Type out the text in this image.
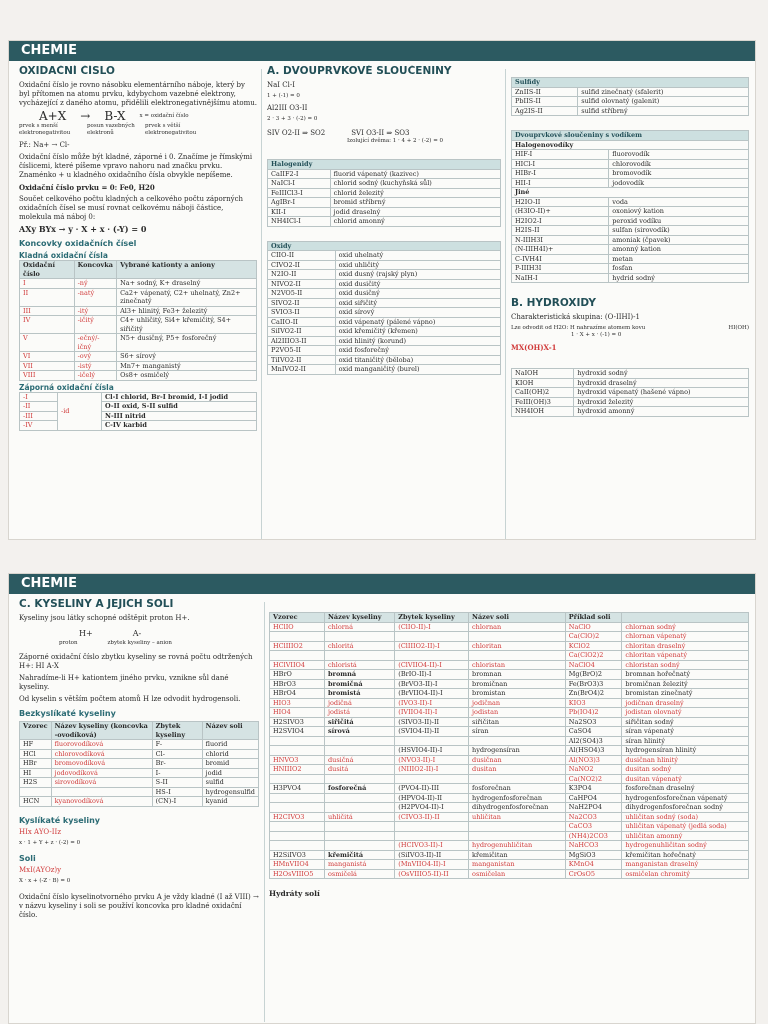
CHEMIE
OXIDAČNÍ ČÍSLO

Oxidační číslo je rovno násobku elementárního náboje, který by byl přítomen na atomu prvku, kdybychom vazebné elektrony, vycházející z daného atomu, přidělili elektronegativnějšímu atomu.

A+X → B-X	x = oxidační číslo
prvek s menší elektronegativitou
posun vazebných elektronů
prvek s větší elektronegativitou

Př.: Na+ → Cl-

Oxidační číslo může být kladné, záporné i 0. Značíme je římskými číslicemi, které píšeme vpravo nahoru nad značku prvku. Znaménko + u kladného oxidačního čísla obvykle nepíšeme.

Oxidační číslo prvku = 0: Fe0, H20

Součet celkového počtu kladných a celkového počtu záporných oxidačních čísel se musí rovnat celkovému náboji částice, molekula má náboj 0:

AXy BYx → y · X + x · (-Y) = 0
Koncovky oxidačních čísel
Kladná oxidační čísla
Oxidační číslo	Koncovka	Vybrané kationty a aniony
I	-ný	Na+ sodný, K+ draselný
II	-natý	Ca2+ vápenatý, C2+ uhelnatý, Zn2+ zinečnatý
III	-itý	Al3+ hlinitý, Fe3+ železitý
IV	-ičitý	C4+ uhličitý, Si4+ křemičitý, S4+ siřičitý
V	-ečný/-ičný	N5+ dusičný, P5+ fosforečný
VI	-ový	S6+ sírový
VII	-istý	Mn7+ manganistý
VIII	-ičelý	Os8+ osmičelý
Záporná oxidační čísla
-I	-id	Cl-I chlorid, Br-I bromid, I-I jodid
-II		O-II oxid, S-II sulfid
-III		N-III nitrid
-IV		C-IV karbid
A. DVOUPRVKOVÉ SLOUČENINY

NaI Cl-I

1 + (-1) = 0

Al2III O3-II

2 · 3 + 3 · (-2) = 0

SIV O2-II ⇒ SO2	SVI O3-II ⇒ SO3

Izolující dvěma: 1 · 4 + 2 · (-2) = 0

Halogenidy	
CaIIF2-I	fluorid vápenatý (kazivec)
NaICl-I	chlorid sodný (kuchyňská sůl)
FeIIICl3-I	chlorid železitý
AgIBr-I	bromid stříbrný
KII-I	jodid draselný
NH4ICl-I	chlorid amonný
Oxidy	
CIIO-II	oxid uhelnatý
CIVO2-II	oxid uhličitý
N2IO-II	oxid dusný (rajský plyn)
NIVO2-II	oxid dusičitý
N2VO5-II	oxid dusičný
SIVO2-II	oxid siřičitý
SVIO3-II	oxid sírový
CaIIO-II	oxid vápenatý (pálené vápno)
SiIVO2-II	oxid křemičitý (křemen)
Al2IIIO3-II	oxid hlinitý (korund)
P2VO5-II	oxid fosforečný
TiIVO2-II	oxid titaničitý (běloba)
MnIVO2-II	oxid manganičitý (burel)
Sulfidy	
ZnIIS-II	sulfid zinečnatý (sfalerit)
PbIIS-II	sulfid olovnatý (galenit)
Ag2IS-II	sulfid stříbrný
Dvouprvkové sloučeniny s vodíkem	
Halogenovodíky	
HIF-I	fluorovodík
HICl-I	chlorovodík
HIBr-I	bromovodík
HII-I	jodovodík
Jiné	
H2IO-II	voda
(H3IO-II)+	oxoniový kation
H2IO2-I	peroxid vodíku
H2IS-II	sulfan (sirovodík)
N-IIIH3I	amoniak (čpavek)
(N-IIIH4I)+	amonný kation
C-IVH4I	metan
P-IIIH3I	fosfan
NaIH-I	hydrid sodný
B. HYDROXIDY

Charakteristická skupina: (O-IIHI)-1

Lze odvodit od H2O: H nahrazíme atomem kovu	HI(OH)

1 · X + x · (-1) = 0

MX(OH)X-1

NaIOH	hydroxid sodný
KIOH	hydroxid draselný
CaII(OH)2	hydroxid vápenatý (hašené vápno)
FeIII(OH)3	hydroxid železitý
NH4IOH	hydroxid amonný
CHEMIE
C. KYSELINY A JEJICH SOLI

Kyseliny jsou látky schopné odštěpit proton H+.

H+	A-
proton	zbytek kyseliny – anion

Záporné oxidační číslo zbytku kyseliny se rovná počtu odtržených H+: HI A-X

Nahradíme-li H+ kationtem jiného prvku, vznikne sůl dané kyseliny.

Od kyselin s větším počtem atomů H lze odvodit hydrogensoli.

Bezkyslíkaté kyseliny
Vzorec	Název kyseliny (koncovka -ovodíková)	Zbytek kyseliny	Název soli
HF	fluorovodíková	F-	fluorid
HCl	chlorovodíková	Cl-	chlorid
HBr	bromovodíková	Br-	bromid
HI	jodovodíková	I-	jodid
H2S	sirovodíková	S-II	sulfid
		HS-I	hydrogensulfid
HCN	kyanovodíková	(CN)-I	kyanid
Kyslíkaté kyseliny

HIx AYO-IIz

x · 1 + Y + z · (-2) = 0

Soli

MxI(AYOz)y

X · x + (-Z · B) = 0

Oxidační číslo kyselinotvorného prvku A je vždy kladné (I až VIII) → v názvu kyseliny i soli se používí koncovka pro kladné oxidační číslo.

Vzorec	Název kyseliny	Zbytek kyseliny	Název soli	Příklad soli	
HClIO	chlorná	(ClIO-II)-I	chlornan	NaClO	chlornan sodný
				Ca(ClO)2	chlornan vápenatý
HClIIIO2	chloritá	(ClIIIO2-II)-I	chloritan	KClO2	chloritan draselný
				Ca(ClO2)2	chloritan vápenatý
HClVIIO4	chloristá	(ClVIIO4-II)-I	chloristan	NaClO4	chloristan sodný
HBrO	bromná	(BrIO-II)-I	bromnan	Mg(BrO)2	bromnan hořečnatý
HBrO3	bromičná	(BrVO3-II)-I	bromičnan	Fe(BrO3)3	bromičnan železitý
HBrO4	bromistá	(BrVIIO4-II)-I	bromistan	Zn(BrO4)2	bromistan zinečnatý
HIO3	jodičná	(IVO3-II)-I	jodičnan	KIO3	jodičnan draselný
HIO4	jodistá	(IVIIO4-II)-I	jodistan	Pb(IO4)2	jodistan olovnatý
H2SIVO3	siřičitá	(SIVO3-II)-II	siřičitan	Na2SO3	siřičitan sodný
H2SVIO4	sírová	(SVIO4-II)-II	síran	CaSO4	síran vápenatý
				Al2(SO4)3	síran hlinitý
		(HSVIO4-II)-I	hydrogensíran	Al(HSO4)3	hydrogensíran hlinitý
HNVO3	dusičná	(NVO3-II)-I	dusičnan	Al(NO3)3	dusičnan hlinitý
HNIIIO2	dusitá	(NIIIO2-II)-I	dusitan	NaNO2	dusitan sodný
				Ca(NO2)2	dusitan vápenatý
H3PVO4	fosforečná	(PVO4-II)-III	fosforečnan	K3PO4	fosforečnan draselný
		(HPVO4-II)-II	hydrogenfosforečnan	CaHPO4	hydrogenfosforečnan vápenatý
		(H2PVO4-II)-I	dihydrogenfosforečnan	NaH2PO4	dihydrogenfosforečnan sodný
H2CIVO3	uhličitá	(CIVO3-II)-II	uhličitan	Na2CO3	uhličitan sodný (soda)
				CaCO3	uhličitan vápenatý (jedlá soda)
				(NH4)2CO3	uhličitan amonný
		(HCIVO3-II)-I	hydrogenuhličitan	NaHCO3	hydrogenuhličitan sodný
H2SiIVO3	křemičitá	(SiIVO3-II)-II	křemičitan	MgSiO3	křemičitan hořečnatý
HMnVIIO4	manganistá	(MnVIIO4-II)-I	manganistan	KMnO4	manganistan draselný
H2OsVIIIO5	osmičelá	(OsVIIIO5-II)-II	osmičelan	CrOsO5	osmičelan chromitý
Hydráty solí
